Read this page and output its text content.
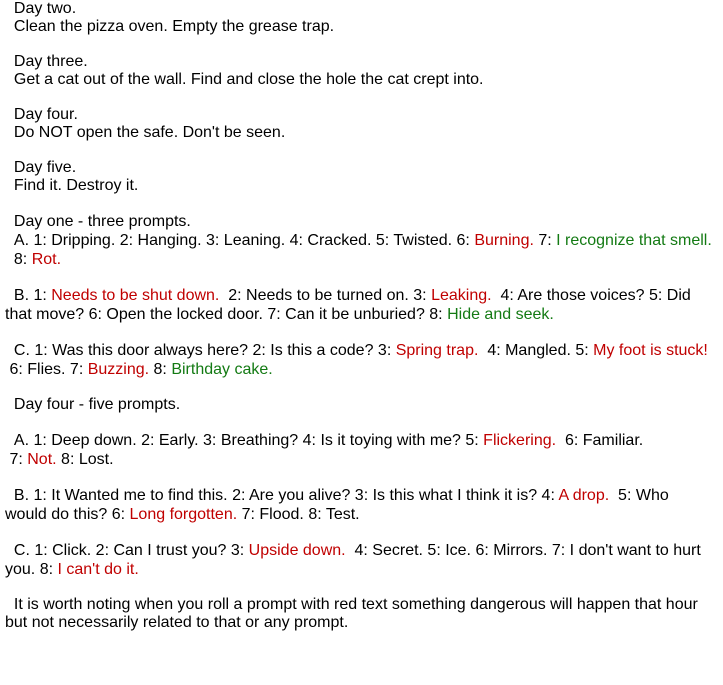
Day two.
Clean the pizza oven. Empty the grease trap.
Day three.
Get a cat out of the wall. Find and close the hole the cat crept into.
Day four.
Do NOT open the safe. Don't be seen.
Day five.
Find it. Destroy it.
Day one - three prompts.
A. 1: Dripping. 2: Hanging. 3: Leaning. 4: Cracked. 5: Twisted. 6: Burning. 7: I recognize that smell.
8: Rot.
B. 1: Needs to be shut down.  2: Needs to be turned on. 3: Leaking.  4: Are those voices? 5: Did
that move? 6: Open the locked door. 7: Can it be unburied? 8: Hide and seek.
C. 1: Was this door always here? 2: Is this a code? 3: Spring trap.  4: Mangled. 5: My foot is stuck!
6: Flies. 7: Buzzing. 8: Birthday cake.
Day four - five prompts.
A. 1: Deep down. 2: Early. 3: Breathing? 4: Is it toying with me? 5: Flickering.  6: Familiar.
7: Not. 8: Lost.
B. 1: It Wanted me to find this. 2: Are you alive? 3: Is this what I think it is? 4: A drop.  5: Who
would do this? 6: Long forgotten. 7: Flood. 8: Test.
C. 1: Click. 2: Can I trust you? 3: Upside down.  4: Secret. 5: Ice. 6: Mirrors. 7: I don't want to hurt
you. 8: I can't do it.
It is worth noting when you roll a prompt with red text something dangerous will happen that hour
but not necessarily related to that or any prompt.
